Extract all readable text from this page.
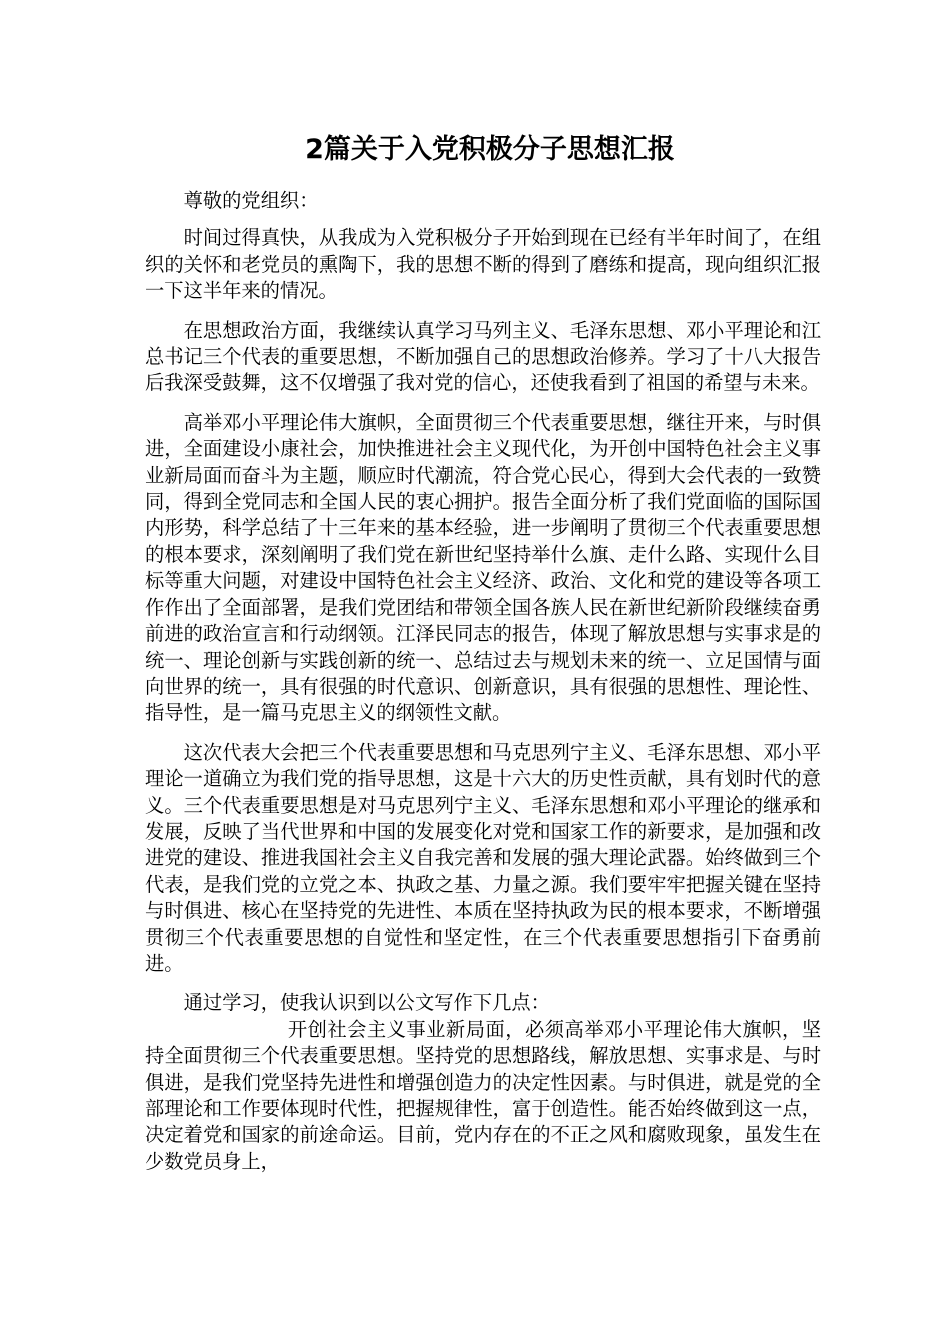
2篇关于入党积极分子思想汇报

尊敬的党组织：

时间过得真快，从我成为入党积极分子开始到现在已经有半年时间了，在组织的关怀和老党员的熏陶下，我的思想不断的得到了磨练和提高，现向组织汇报一下这半年来的情况。

在思想政治方面，我继续认真学习马列主义、毛泽东思想、邓小平理论和江总书记三个代表的重要思想，不断加强自己的思想政治修养。学习了十八大报告后我深受鼓舞，这不仅增强了我对党的信心，还使我看到了祖国的希望与未来。

高举邓小平理论伟大旗帜，全面贯彻三个代表重要思想，继往开来，与时俱进，全面建设小康社会，加快推进社会主义现代化，为开创中国特色社会主义事业新局面而奋斗为主题，顺应时代潮流，符合党心民心，得到大会代表的一致赞同，得到全党同志和全国人民的衷心拥护。报告全面分析了我们党面临的国际国内形势，科学总结了十三年来的基本经验，进一步阐明了贯彻三个代表重要思想的根本要求，深刻阐明了我们党在新世纪坚持举什么旗、走什么路、实现什么目标等重大问题，对建设中国特色社会主义经济、政治、文化和党的建设等各项工作作出了全面部署，是我们党团结和带领全国各族人民在新世纪新阶段继续奋勇前进的政治宣言和行动纲领。江泽民同志的报告，体现了解放思想与实事求是的统一、理论创新与实践创新的统一、总结过去与规划未来的统一、立足国情与面向世界的统一，具有很强的时代意识、创新意识，具有很强的思想性、理论性、指导性，是一篇马克思主义的纲领性文献。

这次代表大会把三个代表重要思想和马克思列宁主义、毛泽东思想、邓小平理论一道确立为我们党的指导思想，这是十六大的历史性贡献，具有划时代的意义。三个代表重要思想是对马克思列宁主义、毛泽东思想和邓小平理论的继承和发展，反映了当代世界和中国的发展变化对党和国家工作的新要求，是加强和改进党的建设、推进我国社会主义自我完善和发展的强大理论武器。始终做到三个代表，是我们党的立党之本、执政之基、力量之源。我们要牢牢把握关键在坚持与时俱进、核心在坚持党的先进性、本质在坚持执政为民的根本要求，不断增强贯彻三个代表重要思想的自觉性和坚定性，在三个代表重要思想指引下奋勇前进。

通过学习，使我认识到以公文写作下几点：

开创社会主义事业新局面，必须高举邓小平理论伟大旗帜，坚持全面贯彻三个代表重要思想。坚持党的思想路线，解放思想、实事求是、与时俱进，是我们党坚持先进性和增强创造力的决定性因素。与时俱进，就是党的全部理论和工作要体现时代性，把握规律性，富于创造性。能否始终做到这一点，决定着党和国家的前途命运。目前，党内存在的不正之风和腐败现象，虽发生在少数党员身上，
